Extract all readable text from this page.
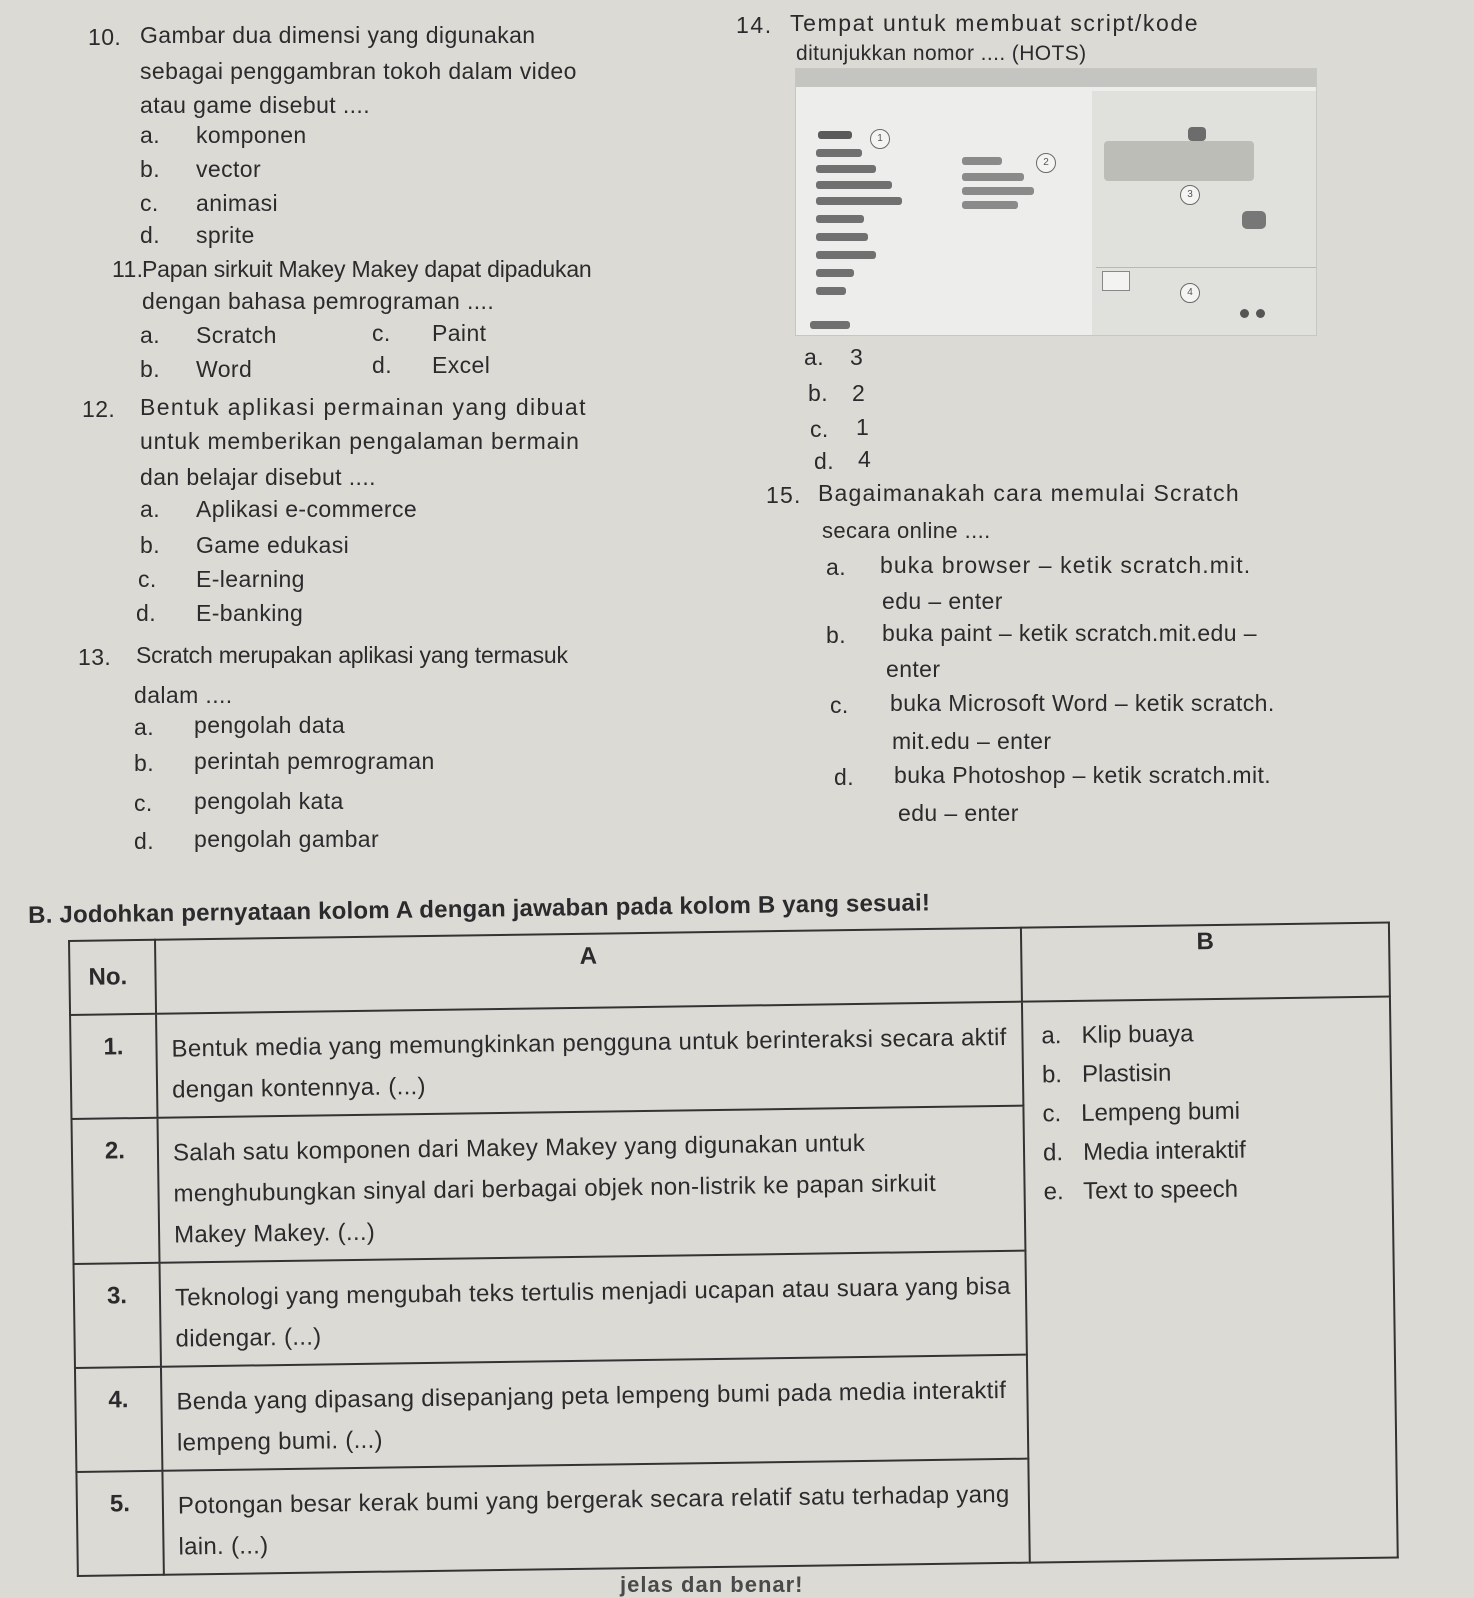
10. Gambar dua dimensi yang digunakan
sebagai penggambran tokoh dalam video
atau game disebut ....
a. komponen
b. vector
c. animasi
d. sprite
11.
Papan sirkuit Makey Makey dapat dipadukan
dengan bahasa pemrograman ....
a. Scratch	c. Paint
b. Word	d. Excel
12. Bentuk aplikasi permainan yang dibuat
untuk memberikan pengalaman bermain
dan belajar disebut ....
a. Aplikasi e-commerce
b. Game edukasi
c. E-learning
d. E-banking
13. Scratch merupakan aplikasi yang termasuk
dalam ....
a. pengolah data
b. perintah pemrograman
c. pengolah kata
d. pengolah gambar
14. Tempat untuk membuat script/kode
ditunjukkan nomor .... (HOTS)
1
2
3
4
a. 3
b. 2
c. 1
d. 4
15. Bagaimanakah cara memulai Scratch
secara online ....
a. buka browser – ketik scratch.mit.
edu – enter
b. buka paint – ketik scratch.mit.edu –
enter
c. buka Microsoft Word – ketik scratch.
mit.edu – enter
d. buka Photoshop – ketik scratch.mit.
edu – enter
B. Jodohkan pernyataan kolom A dengan jawaban pada kolom B yang sesuai!
No.	A	B
1.	Bentuk media yang memungkinkan pengguna untuk berinteraksi secara aktif dengan kontennya. (...)	a. Klip buaya
b. Plastisin
c. Lempeng bumi
d. Media interaktif
e. Text to speech

2.	Salah satu komponen dari Makey Makey yang digunakan untuk menghubungkan sinyal dari berbagai objek non-listrik ke papan sirkuit Makey Makey. (...)	
3.	Teknologi yang mengubah teks tertulis menjadi ucapan atau suara yang bisa didengar. (...)	
4.	Benda yang dipasang disepanjang peta lempeng bumi pada media interaktif lempeng bumi. (...)	
5.	Potongan besar kerak bumi yang bergerak secara relatif satu terhadap yang lain. (...)	
jelas dan benar!
